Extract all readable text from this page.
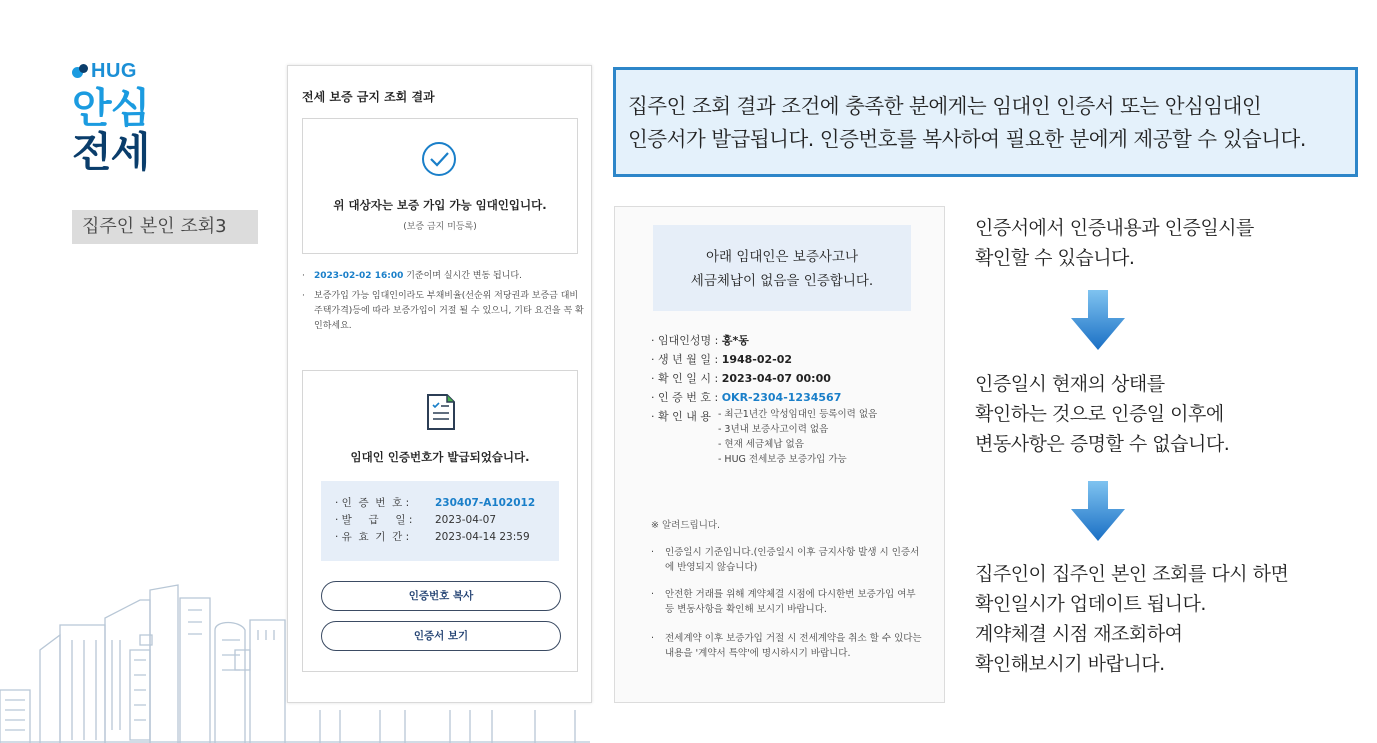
HUG
안심
전세
집주인 본인 조회3
전세 보증 금지 조회 결과
위 대상자는 보증 가입 가능 임대인입니다.
(보증 금지 미등록)
·	2023-02-02 16:00 기준이며 실시간 변동 됩니다.
·	보증가입 가능 임대인이라도 부채비율(선순위 저당권과 보증금 대비 주택가격)등에 따라 보증가입이 거절 될 수 있으니, 기타 요건을 꼭 확인하세요.
임대인 인증번호가 발급되었습니다.
· 인  증  번  호 :	230407-A102012
· 발     급     일 :	2023-04-07
· 유  효  기  간 :	2023-04-14 23:59
인증번호 복사
인증서 보기
집주인 조회 결과 조건에 충족한 분에게는 임대인 인증서 또는 안심임대인
인증서가 발급됩니다. 인증번호를 복사하여 필요한 분에게 제공할 수 있습니다.
아래 임대인은 보증사고나
세금체납이 없음을 인증합니다.
· 임대인성명 : 홍*동
· 생 년 월 일 : 1948-02-02
· 확 인 일 시 : 2023-04-07 00:00
· 인 증 번 호 : OKR-2304-1234567
· 확 인 내 용 - 최근1년간 악성임대인 등록이력 없음
- 3년내 보증사고이력 없음
- 현재 세금체납 없음
- HUG 전세보증 보증가입 가능
※ 알려드립니다.
·	인증일시 기준입니다.(인증일시 이후 금지사항 발생 시 인증서에 반영되지 않습니다)
·	안전한 거래를 위해 계약체결 시점에 다시한번 보증가입 여부 등 변동사항을 확인해 보시기 바랍니다.
·	전세계약 이후 보증가입 거절 시 전세계약을 취소 할 수 있다는 내용을 '계약서 특약'에 명시하시기 바랍니다.
인증서에서 인증내용과 인증일시를
확인할 수 있습니다.
인증일시 현재의 상태를
확인하는 것으로 인증일 이후에
변동사항은 증명할 수 없습니다.
집주인이 집주인 본인 조회를 다시 하면
확인일시가 업데이트 됩니다.
계약체결 시점 재조회하여
확인해보시기 바랍니다.
